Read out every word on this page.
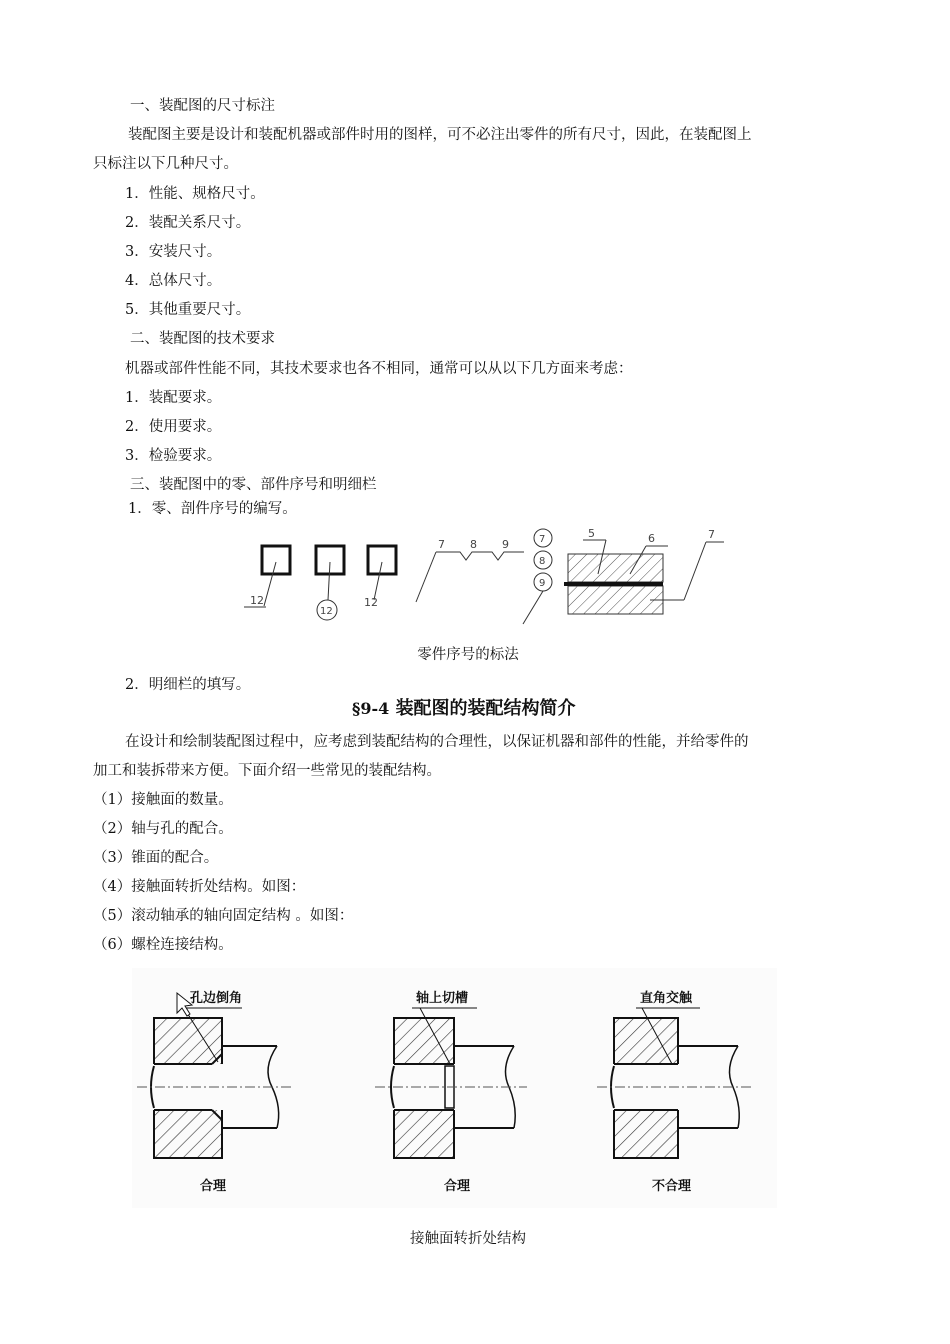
一、装配图的尺寸标注
装配图主要是设计和装配机器或部件时用的图样，可不必注出零件的所有尺寸，因此，在装配图上
只标注以下几种尺寸。
1．性能、规格尺寸。
2．装配关系尺寸。
3．安装尺寸。
4．总体尺寸。
5．其他重要尺寸。
二、装配图的技术要求
机器或部件性能不同，其技术要求也各不相同，通常可以从以下几方面来考虑：
1．装配要求。
2．使用要求。
3．检验要求。
三、装配图中的零、部件序号和明细栏
1．零、剖件序号的编写。
12
12
12
7 8 9	7
8
9
5	6	7
零件序号的标法
2．明细栏的填写。
§9-4 装配图的装配结构简介
在设计和绘制装配图过程中，应考虑到装配结构的合理性，以保证机器和部件的性能，并给零件的
加工和装拆带来方便。下面介绍一些常见的装配结构。
（1）接触面的数量。
（2）轴与孔的配合。
（3）锥面的配合。
（4）接触面转折处结构。如图：
（5）滚动轴承的轴向固定结构 。如图：
（6）螺栓连接结构。
孔边倒角
合理
轴上切槽
合理
直角交触
不合理
接触面转折处结构
